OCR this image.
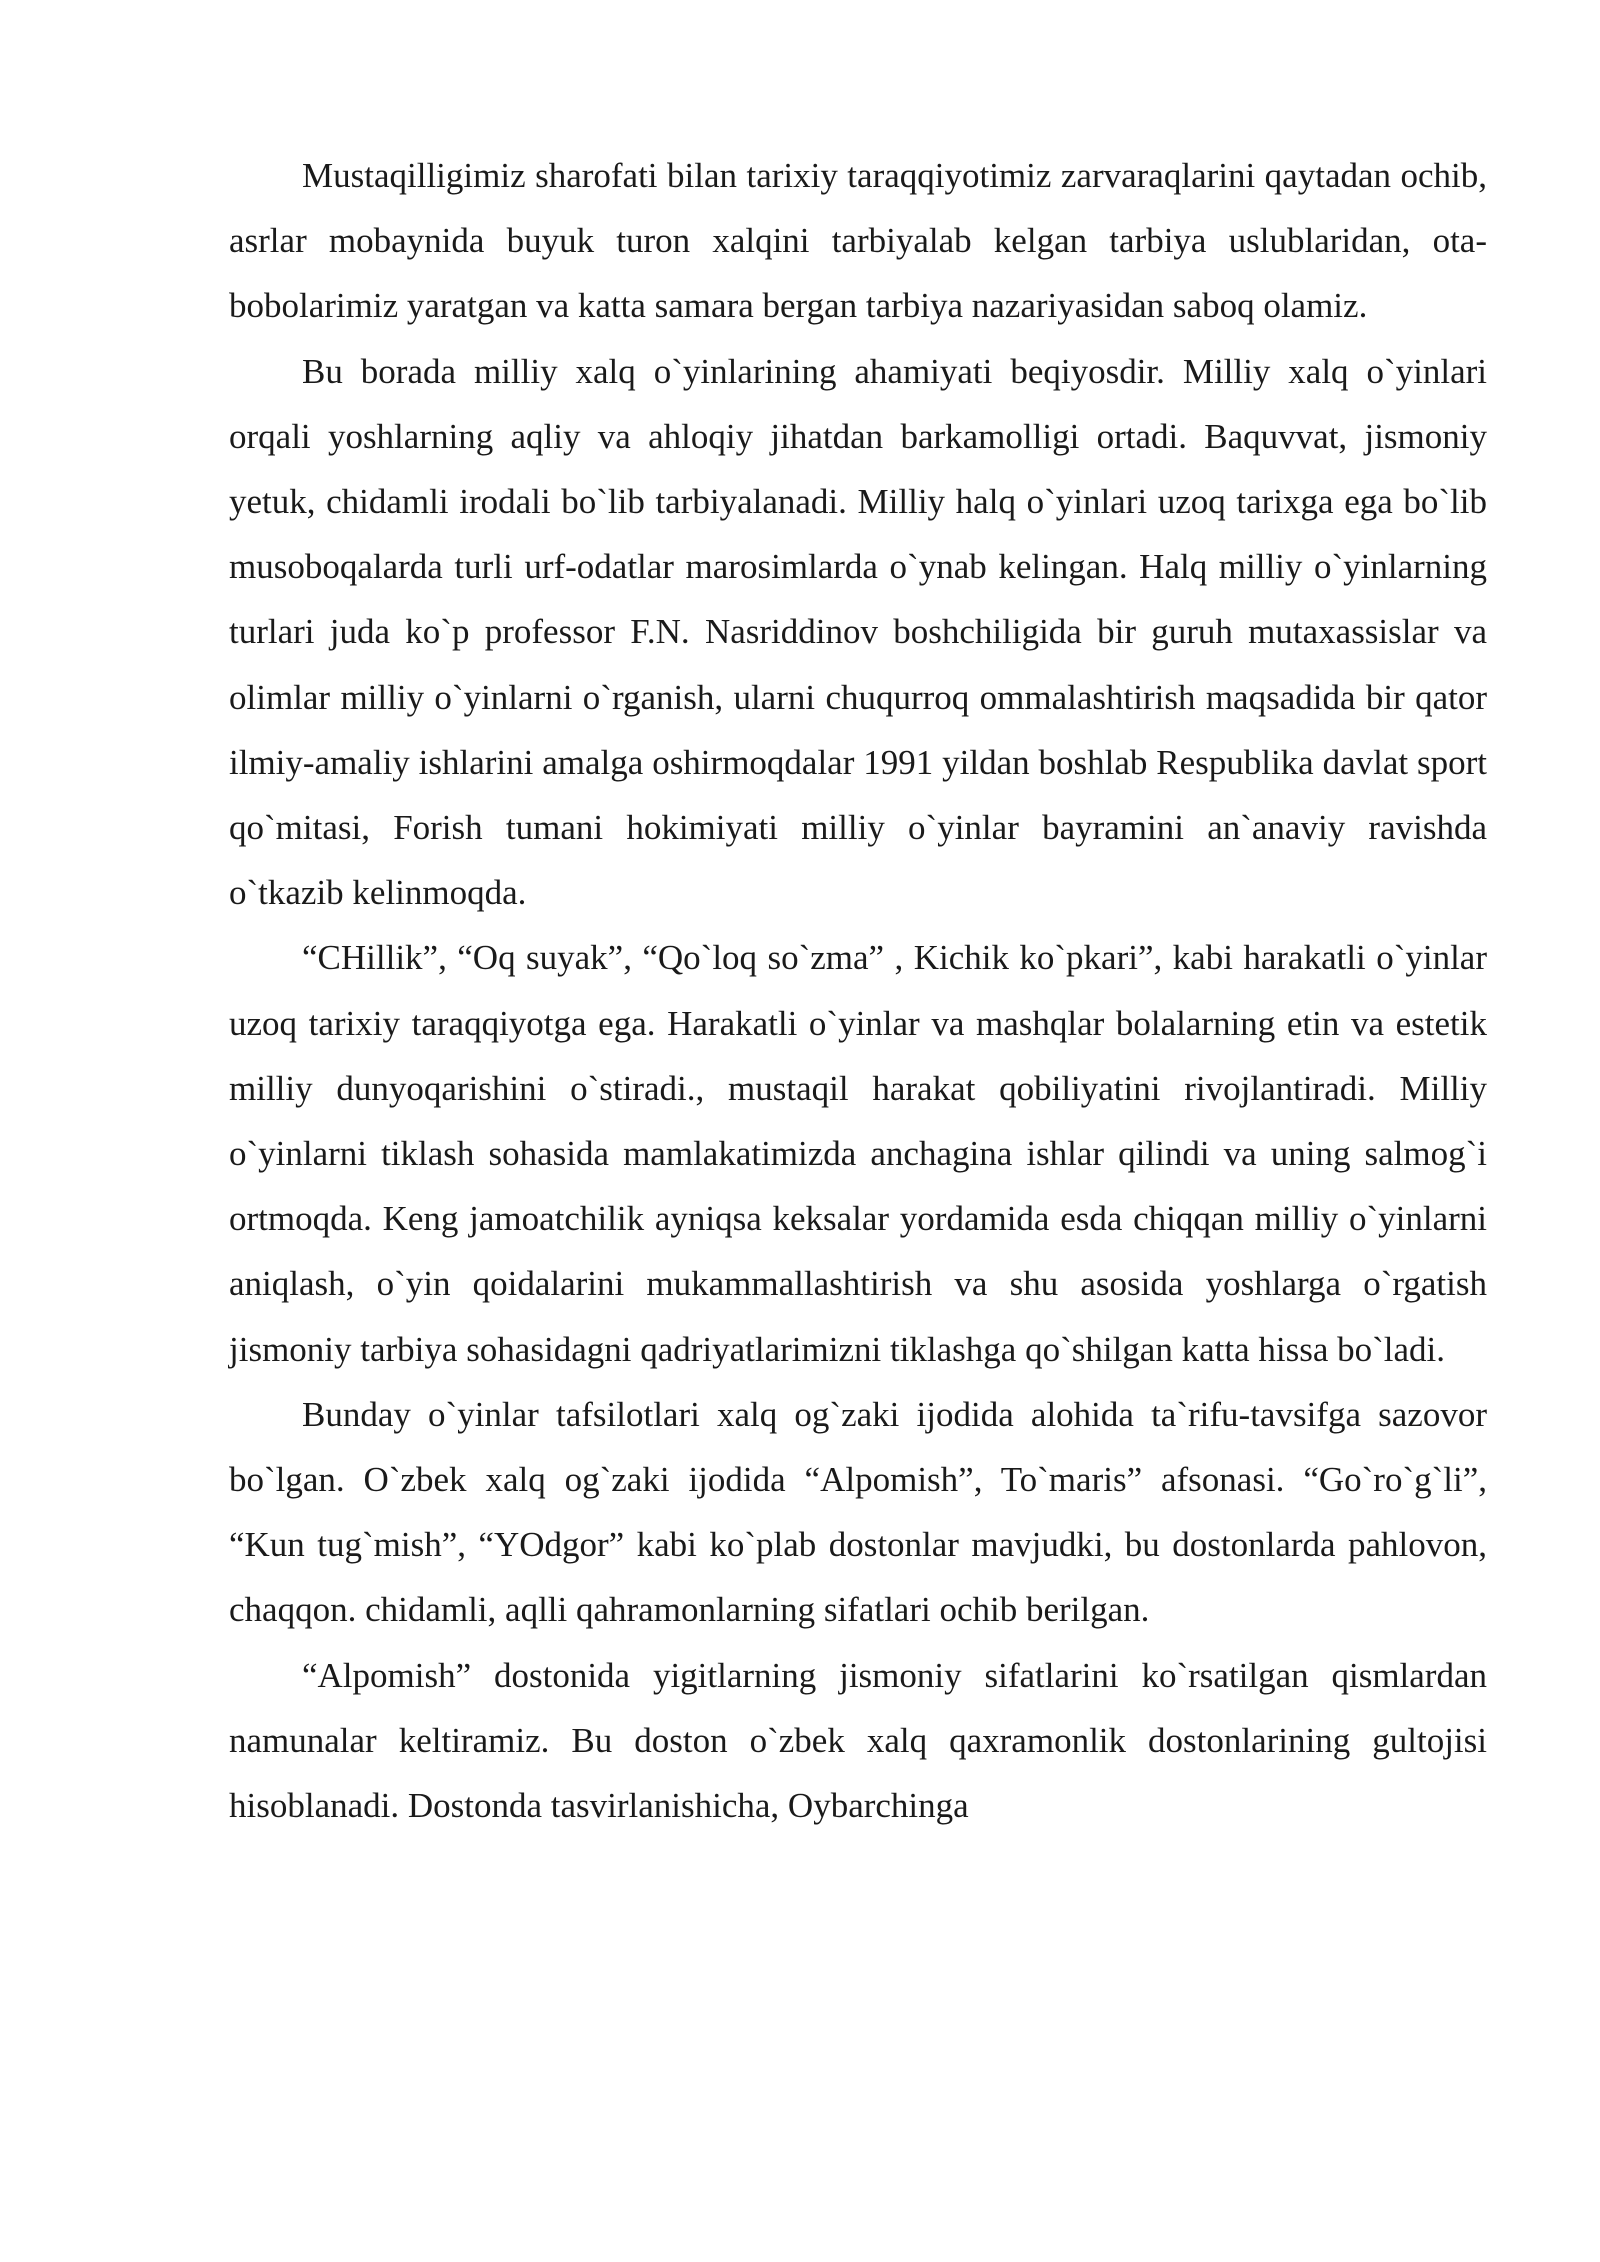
Mustaqilligimiz sharofati bilan tarixiy taraqqiyotimiz zarvaraqlarini qaytadan ochib, asrlar mobaynida buyuk turon xalqini tarbiyalab kelgan tarbiya uslublaridan, ota-bobolarimiz yaratgan va katta samara bergan tarbiya nazariyasidan saboq olamiz.

Bu borada milliy xalq o`yinlarining ahamiyati beqiyosdir. Milliy xalq o`yinlari orqali yoshlarning aqliy va ahloqiy jihatdan barkamolligi ortadi. Baquvvat, jismoniy yetuk, chidamli irodali bo`lib tarbiyalanadi. Milliy halq o`yinlari uzoq tarixga ega bo`lib musoboqalarda turli urf-odatlar marosimlarda o`ynab kelingan. Halq milliy o`yinlarning turlari juda ko`p professor F.N. Nasriddinov boshchiligida bir guruh mutaxassislar va olimlar milliy o`yinlarni o`rganish, ularni chuqurroq ommalashtirish maqsadida bir qator ilmiy-amaliy ishlarini amalga oshirmoqdalar 1991 yildan boshlab Respublika davlat sport qo`mitasi, Forish tumani hokimiyati milliy o`yinlar bayramini an`anaviy ravishda o`tkazib kelinmoqda.

“CHillik”, “Oq suyak”, “Qo`loq so`zma” , Kichik ko`pkari”, kabi harakatli o`yinlar uzoq tarixiy taraqqiyotga ega. Harakatli o`yinlar va mashqlar bolalarning etin va estetik milliy dunyoqarishini o`stiradi., mustaqil harakat qobiliyatini rivojlantiradi. Milliy o`yinlarni tiklash sohasida mamlakatimizda anchagina ishlar qilindi va uning salmog`i ortmoqda. Keng jamoatchilik ayniqsa keksalar yordamida esda chiqqan milliy o`yinlarni aniqlash, o`yin qoidalarini mukammallashtirish va shu asosida yoshlarga o`rgatish jismoniy tarbiya sohasidagni qadriyatlarimizni tiklashga qo`shilgan katta hissa bo`ladi.

Bunday o`yinlar tafsilotlari xalq og`zaki ijodida alohida ta`rifu-tavsifga sazovor bo`lgan. O`zbek xalq og`zaki ijodida “Alpomish”, To`maris” afsonasi. “Go`ro`g`li”, “Kun tug`mish”, “YOdgor” kabi ko`plab dostonlar mavjudki, bu dostonlarda pahlovon, chaqqon. chidamli, aqlli qahramonlarning sifatlari ochib berilgan.

“Alpomish” dostonida yigitlarning jismoniy sifatlarini ko`rsatilgan qismlardan namunalar keltiramiz. Bu doston o`zbek xalq qaxramonlik dostonlarining gultojisi hisoblanadi. Dostonda tasvirlanishicha, Oybarchinga
